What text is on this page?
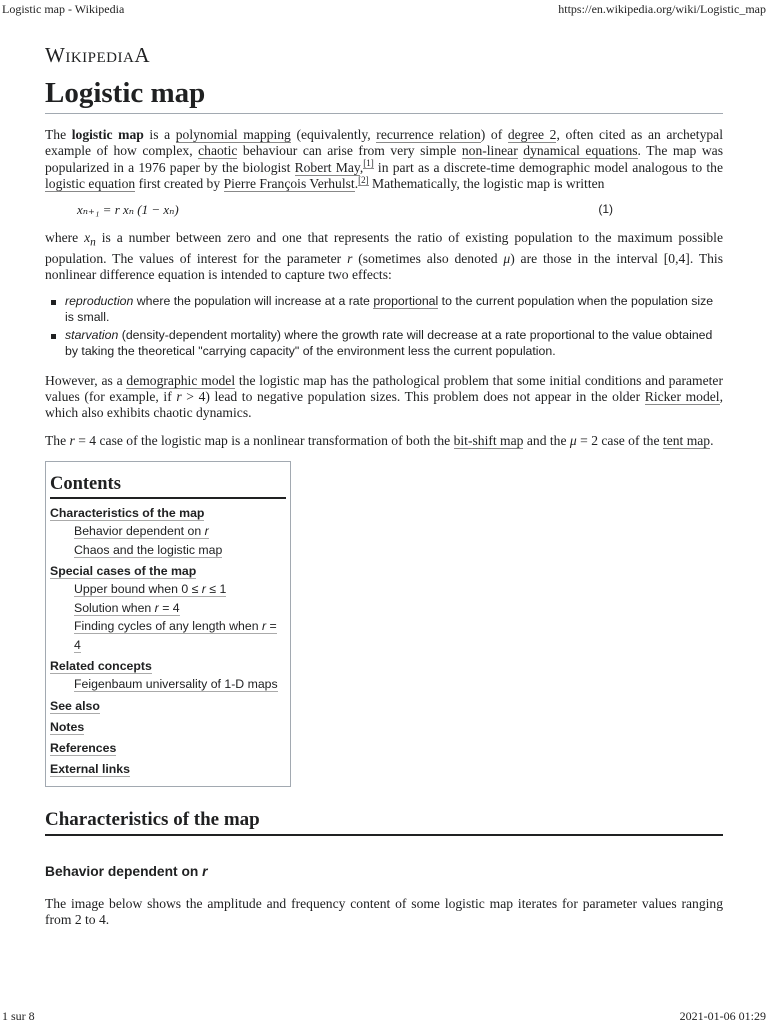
Logistic map - Wikipedia	https://en.wikipedia.org/wiki/Logistic_map
WIKIPEDIAA
Logistic map

The logistic map is a polynomial mapping (equivalently, recurrence relation) of degree 2, often cited as an archetypal example of how complex, chaotic behaviour can arise from very simple non-linear dynamical equations. The map was popularized in a 1976 paper by the biologist Robert May,[1] in part as a discrete-time demographic model analogous to the logistic equation first created by Pierre François Verhulst.[2] Mathematically, the logistic map is written

xₙ₊₁ = r xₙ (1 − xₙ)	(1)

where $x_n$ is a number between zero and one that represents the ratio of existing population to the maximum possible population. The values of interest for the parameter r (sometimes also denoted μ) are those in the interval [0,4]. This nonlinear difference equation is intended to capture two effects:

reproduction where the population will increase at a rate proportional to the current population when the population size is small.
starvation (density-dependent mortality) where the growth rate will decrease at a rate proportional to the value obtained by taking the theoretical "carrying capacity" of the environment less the current population.

However, as a demographic model the logistic map has the pathological problem that some initial conditions and parameter values (for example, if r > 4) lead to negative population sizes. This problem does not appear in the older Ricker model, which also exhibits chaotic dynamics.

The r = 4 case of the logistic map is a nonlinear transformation of both the bit-shift map and the μ = 2 case of the tent map.

Contents
Characteristics of the map
Behavior dependent on r
Chaos and the logistic map
Special cases of the map
Upper bound when 0 ≤ r ≤ 1
Solution when r = 4
Finding cycles of any length when r = 4
Related concepts
Feigenbaum universality of 1-D maps
See also
Notes
References
External links
Characteristics of the map
Behavior dependent on r

The image below shows the amplitude and frequency content of some logistic map iterates for parameter values ranging from 2 to 4.

1 sur 8	2021-01-06 01:29
